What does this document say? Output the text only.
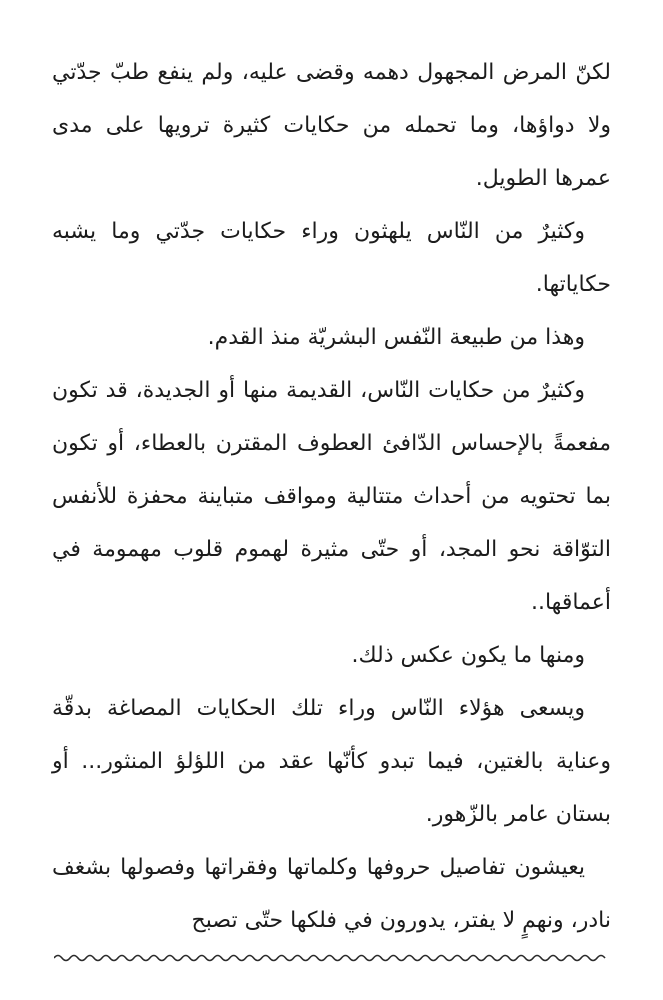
لكنّ المرض المجهول دهمه وقضى عليه، ولم ينفع طبّ جدّتي ولا دواؤها، وما تحمله من حكايات كثيرة ترويها على مدى عمرها الطويل.

وكثيرٌ من النّاس يلهثون وراء حكايات جدّتي وما يشبه حكاياتها.

وهذا من طبيعة النّفس البشريّة منذ القدم.

وكثيرٌ من حكايات النّاس، القديمة منها أو الجديدة، قد تكون مفعمةً بالإحساس الدّافئ العطوف المقترن بالعطاء، أو تكون بما تحتويه من أحداث متتالية ومواقف متباينة محفزة للأنفس التوّاقة نحو المجد، أو حتّى مثيرة لهموم قلوب مهمومة في أعماقها..

ومنها ما يكون عكس ذلك.

ويسعى هؤلاء النّاس وراء تلك الحكايات المصاغة بدقّة وعناية بالغتين، فيما تبدو كأنّها عقد من اللؤلؤ المنثور... أو بستان عامر بالزّهور.

يعيشون تفاصيل حروفها وكلماتها وفقراتها وفصولها بشغف نادر، ونهمٍ لا يفتر، يدورون في فلكها حتّى تصبح
